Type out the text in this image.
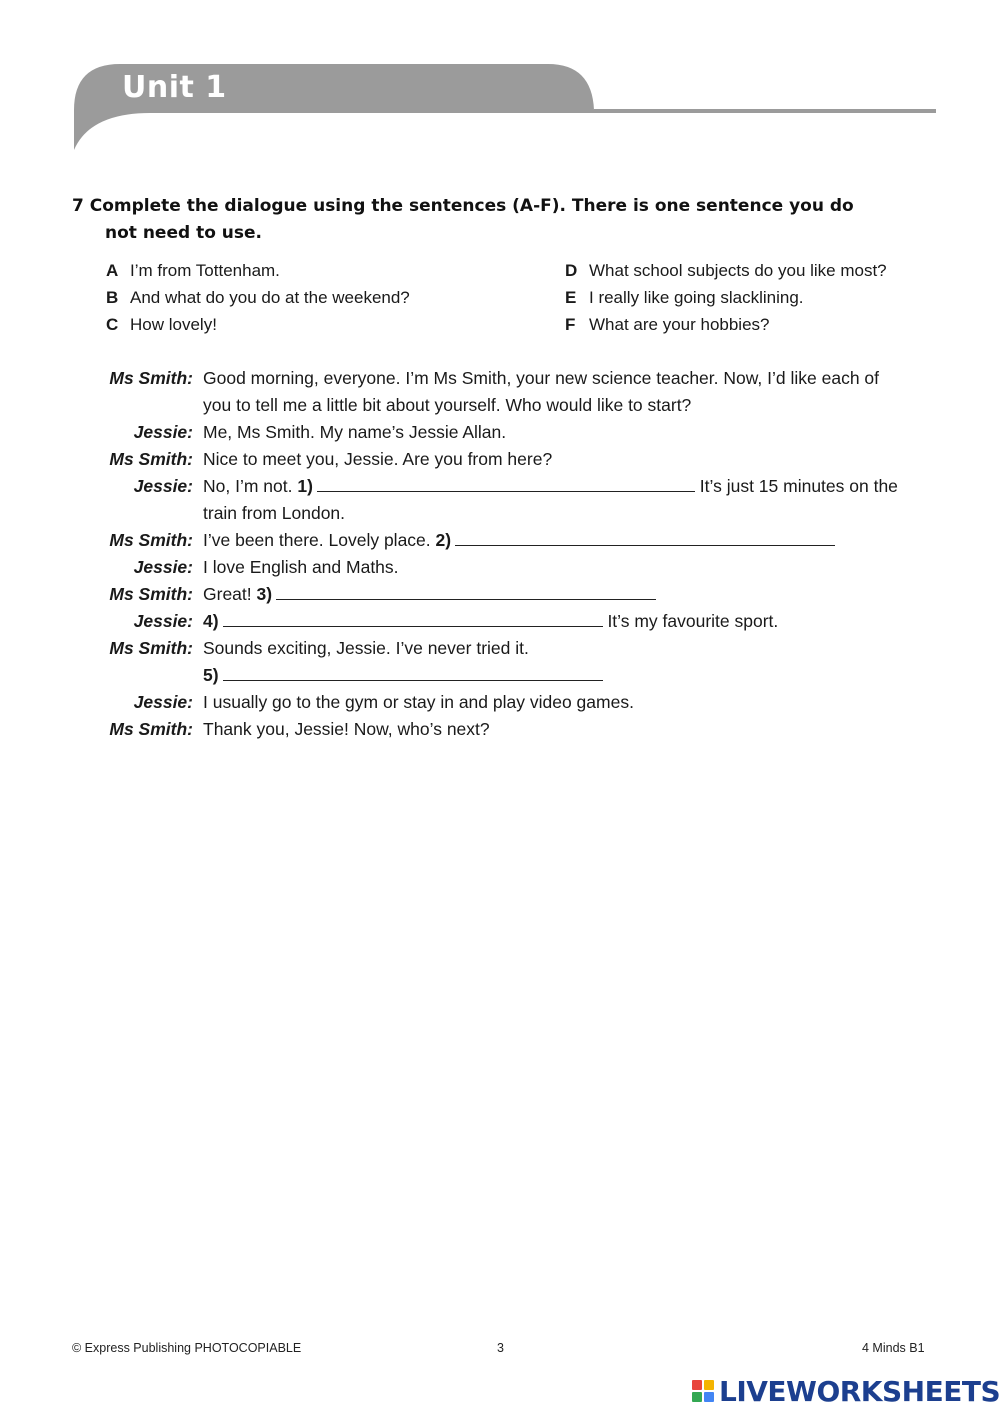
Unit 1
7 Complete the dialogue using the sentences (A-F). There is one sentence you do
not need to use.
A I’m from Tottenham.
B And what do you do at the weekend?
C How lovely!
D What school subjects do you like most?
E I really like going slacklining.
F What are your hobbies?
Ms Smith: Good morning, everyone. I’m Ms Smith, your new science teacher. Now, I’d like each of
you to tell me a little bit about yourself. Who would like to start?
Jessie: Me, Ms Smith. My name’s Jessie Allan.
Ms Smith: Nice to meet you, Jessie. Are you from here?
Jessie: No, I’m not. 1)	It’s just 15 minutes on the
train from London.
Ms Smith: I’ve been there. Lovely place. 2)
Jessie: I love English and Maths.
Ms Smith: Great! 3)
Jessie: 4)	It’s my favourite sport.
Ms Smith: Sounds exciting, Jessie. I’ve never tried it.
5)
Jessie: I usually go to the gym or stay in and play video games.
Ms Smith: Thank you, Jessie! Now, who’s next?
© Express Publishing PHOTOCOPIABLE	3	4 Minds B1
LIVEWORKSHEETS
